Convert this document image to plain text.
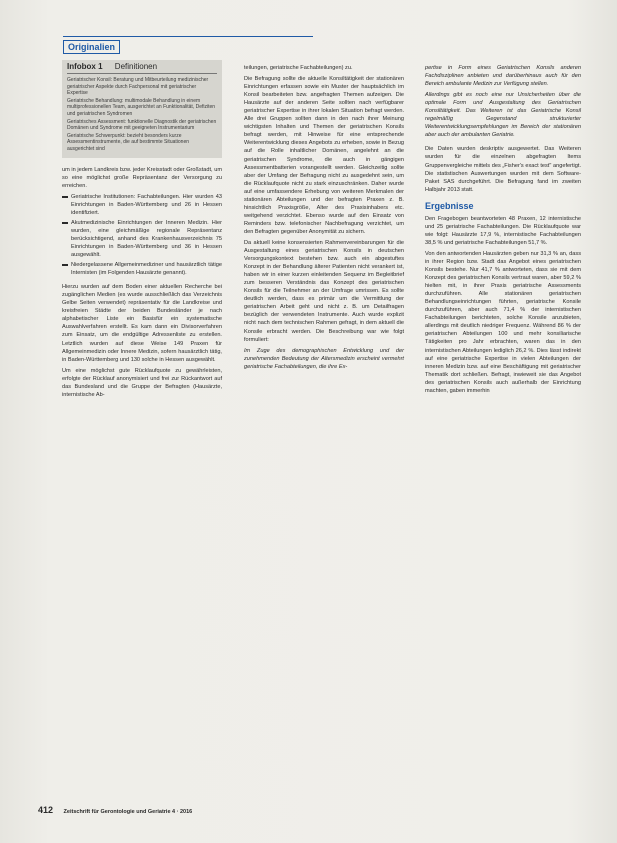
Originalien
Infobox 1 Definitionen

Geriatrischer Konsil: Beratung und Mitbeurteilung medizinischer geriatrischer Aspekte durch Fachpersonal mit geriatrischer Expertise

Geriatrische Behandlung: multimodale Behandlung in einem multiprofessionellen Team, ausgerichtet an Funktionalität, Defiziten und geriatrischen Syndromen

Geriatrisches Assessment: funktionelle Diagnostik der geriatrischen Domänen und Syndrome mit geeigneten Instrumentarium

Geriatrische Schwerpunkt: bezieht besonders kurze Assessmentinstrumente, die auf bestimmte Situationen ausgerichtet sind

um in jedem Landkreis bzw. jeder Kreisstadt oder Großstadt, um so eine möglichst große Repräsentanz der Versorgung zu erreichen.

Geriatrische Institutionen: Fachabteilungen. Hier wurden 43 Einrichtungen in Baden-Württemberg und 26 in Hessen identifiziert.

Akutmedizinische Einrichtungen der Inneren Medizin. Hier wurden, eine gleichmäßige regionale Repräsentanz berücksichtigend, anhand des Krankenhausverzeichnis 75 Einrichtungen in Baden-Württemberg und 36 in Hessen ausgewählt.

Niedergelassene Allgemeinmediziner und hausärztlich tätige Internisten (im Folgenden Hausärzte genannt).

Hierzu wurden auf dem Boden einer aktuellen Recherche bei zugänglichen Medien (es wurde ausschließlich das Verzeichnis Gelbe Seiten verwendet) repräsentativ für die Landkreise und kreisfreien Städte der beiden Bundesländer je nach alphabetischer Liste ein Basisfür ein systematische Auswahlverfahren erstellt. Es kam dann ein Divisorverfahren zum Einsatz, um die endgültige Adressenliste zu erstellen. Letztlich wurden auf diese Weise 149 Praxen für Allgemeinmedizin oder Innere Medizin, sofern hausärztlich tätig, in Baden-Württemberg und 130 solche in Hessen ausgewählt.

Um eine möglichst gute Rücklaufquote zu gewährleisten, erfolgte der Rücklauf anonymisiert und frei zur Rückantwort auf das Bundesland und die Gruppe der Befragten (Hausärzte, internistische Ab-

teilungen, geriatrische Fachabteilungen) zu.

Die Befragung sollte die aktuelle Konsiltätigkeit der stationären Einrichtungen erfassen sowie ein Muster der hauptsächlich im Konsil bearbeiteten bzw. angefragten Themen aufzeigen. Die Hausärzte auf der anderen Seite sollten nach verfügbarer geriatrischer Expertise in ihrer lokalen Situation befragt werden. Alle drei Gruppen sollten dann in den nach ihrer Meinung wichtigsten Inhalten und Themen der geriatrischen Konsils befragt werden, mit Hinweise für eine entsprechende Weiterentwicklung dieses Angebots zu erheben, sowie in Bezug auf die Rolle inhaltlicher Domänen, angelehnt an die geriatrischen Syndrome, die auch in gängigen Assessmentbatterien vorangestellt werden. Gleichzeitig sollte aber der Umfang der Befragung nicht zu ausgedehnt sein, um die Rücklaufquote nicht zu stark einzuschränken. Daher wurde auf eine umfassendere Erhebung von weiteren Merkmalen der stationären Abteilungen und der befragten Praxen z. B. hinsichtlich Praxisgröße, Alter des Praxisinhabers etc. weitgehend verzichtet. Ebenso wurde auf den Einsatz von Reminders bzw. telefonischer Nachbefragung verzichtet, um den Befragten gegenüber Anonymität zu sichern.

Da aktuell keine konsensierten Rahmenvereinbarungen für die Ausgestaltung eines geriatrischen Konsils in deutschen Versorgungskontext bestehen bzw. auch ein abgestuftes Konzept in der Behandlung älterer Patienten nicht verankert ist, haben wir in einer kurzen einleitenden Sequenz im Begleitbrief zum besseren Verständnis das Konzept des geriatrischen Konsils für die Teilnehmer an der Umfrage umrissen. Es sollte deutlich werden, dass es primär um die Vermittlung der geriatrischen Arbeit geht und nicht z. B. um Detailfragen bezüglich der verwendeten Instrumente. Auch wurde explizit nicht nach dem technischen Rahmen gefragt, in dem aktuell die Konsile erbracht werden. Die Beschreibung war wie folgt formuliert:

Im Zuge des demographischen Entwicklung und der zunehmenden Bedeutung der Altersmedizin erscheint vermehrt geriatrische Fachabteilungen, die ihre Ex-

pertise in Form eines Geriatrischen Konsils anderen Fachdisziplinen anbieten und darüberhinaus auch für den Bereich ambulante Medizin zur Verfügung stellen.

Allerdings gibt es noch eine nur Unsicherheiten über die optimale Form und Ausgestaltung des Geriatrischen Konsiltätigkeit. Das Weiteren ist das Geriatrische Konsil regelmäßig Gegenstand strukturierter Weiterentwicklungsempfehlungen im Bereich der stationären aber auch der ambulanten Geriatrie.

Die Daten wurden deskriptiv ausgewertet. Das Weiteren wurden für die einzelnen abgefragten Items Gruppenvergleiche mittels des „Fisher's exact test" angefertigt. Die statistischen Auswertungen wurden mit dem Software-Paket SAS durchgeführt. Die Befragung fand im zweiten Halbjahr 2013 statt.

Ergebnisse

Den Fragebogen beantworteten 48 Praxen, 12 internistische und 25 geriatrische Fachabteilungen. Die Rücklaufquote war wie folgt: Hausärzte 17,9 %, internistische Fachabteilungen 38,5 % und geriatrische Fachabteilungen 51,7 %.

Von den antwortenden Hausärzten geben nur 31,3 % an, dass in ihrer Region bzw. Stadt das Angebot eines geriatrischen Konsils bestehe. Nur 41,7 % antworteten, dass sie mit dem Konzept des geriatrischen Konsils vertraut waren, aber 59,2 % hielten mit, in ihrer Praxis geriatrische Assessments durchzuführen. Alle stationären geriatrischen Behandlungseinrichtungen führten, geriatrische Konsile durchzuführen, aber auch 71,4 % der internistischen Fachabteilungen berichteten, solche Konsile anzubieten, allerdings mit deutlich niedriger Frequenz. Während 86 % der geriatrischen Abteilungen 100 und mehr konsiliarische Tätigkeiten pro Jahr erbrachten, waren das in den internistischen Abteilungen lediglich 26,2 %. Dies lässt indirekt auf eine geriatrische Expertise in vielen Abteilungen der inneren Medizin bzw. auf eine Beschäftigung mit geriatrischer Thematik dort schließen. Befragt, inwieweit sie das Angebot des geriatrischen Konsils auch außerhalb der Einrichtung machten, gaben immerhin

412 Zeitschrift für Gerontologie und Geriatrie 4 · 2016
